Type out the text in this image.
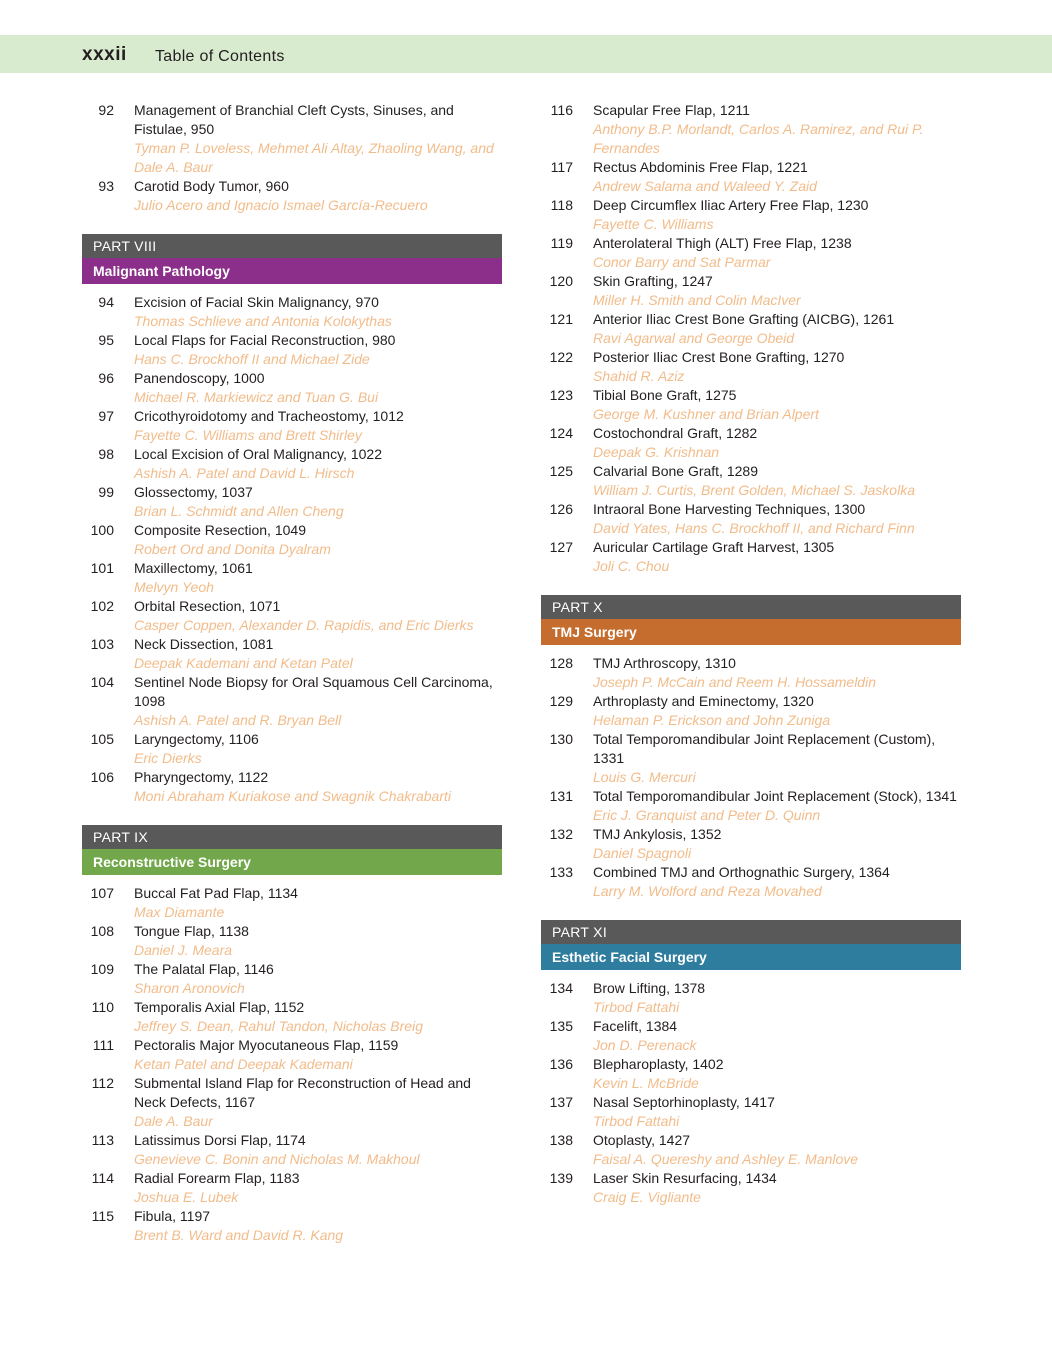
xxxii Table of Contents
92 Management of Branchial Cleft Cysts, Sinuses, and Fistulae, 950
Tyman P. Loveless, Mehmet Ali Altay, Zhaoling Wang, and Dale A. Baur
93 Carotid Body Tumor, 960
Julio Acero and Ignacio Ismael García-Recuero
PART VIII
Malignant Pathology
94 Excision of Facial Skin Malignancy, 970
Thomas Schlieve and Antonia Kolokythas
95 Local Flaps for Facial Reconstruction, 980
Hans C. Brockhoff II and Michael Zide
96 Panendoscopy, 1000
Michael R. Markiewicz and Tuan G. Bui
97 Cricothyroidotomy and Tracheostomy, 1012
Fayette C. Williams and Brett Shirley
98 Local Excision of Oral Malignancy, 1022
Ashish A. Patel and David L. Hirsch
99 Glossectomy, 1037
Brian L. Schmidt and Allen Cheng
100 Composite Resection, 1049
Robert Ord and Donita Dyalram
101 Maxillectomy, 1061
Melvyn Yeoh
102 Orbital Resection, 1071
Casper Coppen, Alexander D. Rapidis, and Eric Dierks
103 Neck Dissection, 1081
Deepak Kademani and Ketan Patel
104 Sentinel Node Biopsy for Oral Squamous Cell Carcinoma, 1098
Ashish A. Patel and R. Bryan Bell
105 Laryngectomy, 1106
Eric Dierks
106 Pharyngectomy, 1122
Moni Abraham Kuriakose and Swagnik Chakrabarti
PART IX
Reconstructive Surgery
107 Buccal Fat Pad Flap, 1134
Max Diamante
108 Tongue Flap, 1138
Daniel J. Meara
109 The Palatal Flap, 1146
Sharon Aronovich
110 Temporalis Axial Flap, 1152
Jeffrey S. Dean, Rahul Tandon, Nicholas Breig
111 Pectoralis Major Myocutaneous Flap, 1159
Ketan Patel and Deepak Kademani
112 Submental Island Flap for Reconstruction of Head and Neck Defects, 1167
Dale A. Baur
113 Latissimus Dorsi Flap, 1174
Genevieve C. Bonin and Nicholas M. Makhoul
114 Radial Forearm Flap, 1183
Joshua E. Lubek
115 Fibula, 1197
Brent B. Ward and David R. Kang
116 Scapular Free Flap, 1211
Anthony B.P. Morlandt, Carlos A. Ramirez, and Rui P. Fernandes
117 Rectus Abdominis Free Flap, 1221
Andrew Salama and Waleed Y. Zaid
118 Deep Circumflex Iliac Artery Free Flap, 1230
Fayette C. Williams
119 Anterolateral Thigh (ALT) Free Flap, 1238
Conor Barry and Sat Parmar
120 Skin Grafting, 1247
Miller H. Smith and Colin MacIver
121 Anterior Iliac Crest Bone Grafting (AICBG), 1261
Ravi Agarwal and George Obeid
122 Posterior Iliac Crest Bone Grafting, 1270
Shahid R. Aziz
123 Tibial Bone Graft, 1275
George M. Kushner and Brian Alpert
124 Costochondral Graft, 1282
Deepak G. Krishnan
125 Calvarial Bone Graft, 1289
William J. Curtis, Brent Golden, Michael S. Jaskolka
126 Intraoral Bone Harvesting Techniques, 1300
David Yates, Hans C. Brockhoff II, and Richard Finn
127 Auricular Cartilage Graft Harvest, 1305
Joli C. Chou
PART X
TMJ Surgery
128 TMJ Arthroscopy, 1310
Joseph P. McCain and Reem H. Hossameldin
129 Arthroplasty and Eminectomy, 1320
Helaman P. Erickson and John Zuniga
130 Total Temporomandibular Joint Replacement (Custom), 1331
Louis G. Mercuri
131 Total Temporomandibular Joint Replacement (Stock), 1341
Eric J. Granquist and Peter D. Quinn
132 TMJ Ankylosis, 1352
Daniel Spagnoli
133 Combined TMJ and Orthognathic Surgery, 1364
Larry M. Wolford and Reza Movahed
PART XI
Esthetic Facial Surgery
134 Brow Lifting, 1378
Tirbod Fattahi
135 Facelift, 1384
Jon D. Perenack
136 Blepharoplasty, 1402
Kevin L. McBride
137 Nasal Septorhinoplasty, 1417
Tirbod Fattahi
138 Otoplasty, 1427
Faisal A. Quereshy and Ashley E. Manlove
139 Laser Skin Resurfacing, 1434
Craig E. Vigliante
